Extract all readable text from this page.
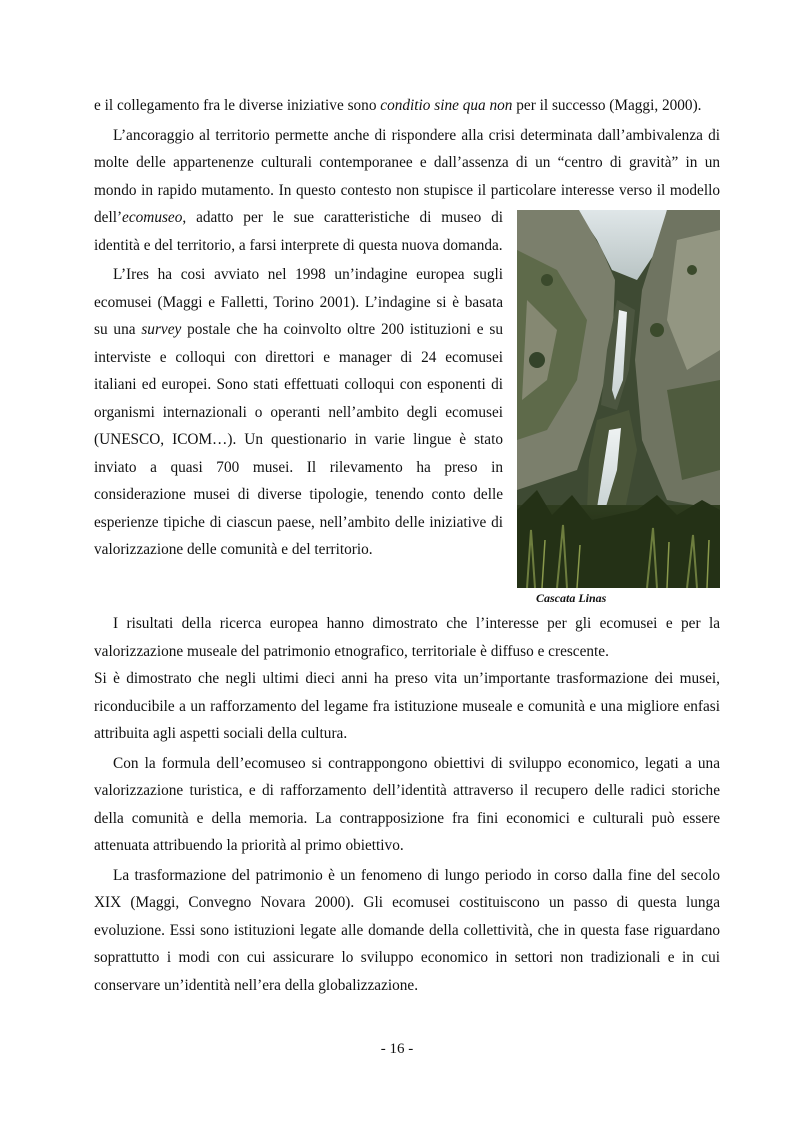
e il collegamento fra le diverse iniziative sono conditio sine qua non per il successo (Maggi, 2000).

L’ancoraggio al territorio permette anche di rispondere alla crisi determinata dall’ambivalenza di molte delle appartenenze culturali contemporanee e dall’assenza di un “centro di gravità” in un mondo in rapido mutamento. In questo contesto non stupisce il particolare interesse verso il modello dell’
Cascata Linas
ecomuseo, adatto per le sue caratteristiche di museo di identità e del territorio, a farsi interprete di questa nuova domanda.

L’Ires ha cosi avviato nel 1998 un’indagine europea sugli ecomusei (Maggi e Falletti, Torino 2001). L’indagine si è basata su una survey postale che ha coinvolto oltre 200 istituzioni e su interviste e colloqui con direttori e manager di 24 ecomusei italiani ed europei. Sono stati effettuati colloqui con esponenti di organismi internazionali o operanti nell’ambito degli ecomusei (UNESCO, ICOM…). Un questionario in varie lingue è stato inviato a quasi 700 musei. Il rilevamento ha preso in considerazione musei di diverse tipologie, tenendo conto delle esperienze tipiche di ciascun paese, nell’ambito delle iniziative di valorizzazione delle comunità e del territorio.

I risultati della ricerca europea hanno dimostrato che l’interesse per gli ecomusei e per la valorizzazione museale del patrimonio etnografico, territoriale è diffuso e crescente.

Si è dimostrato che negli ultimi dieci anni ha preso vita un’importante trasformazione dei musei, riconducibile a un rafforzamento del legame fra istituzione museale e comunità e una migliore enfasi attribuita agli aspetti sociali della cultura.

Con la formula dell’ecomuseo si contrappongono obiettivi di sviluppo economico, legati a una valorizzazione turistica, e di rafforzamento dell’identità attraverso il recupero delle radici storiche della comunità e della memoria. La contrapposizione fra fini economici e culturali può essere attenuata attribuendo la priorità al primo obiettivo.

La trasformazione del patrimonio è un fenomeno di lungo periodo in corso dalla fine del secolo XIX (Maggi, Convegno Novara 2000). Gli ecomusei costituiscono un passo di questa lunga evoluzione. Essi sono istituzioni legate alle domande della collettività, che in questa fase riguardano soprattutto i modi con cui assicurare lo sviluppo economico in settori non tradizionali e in cui conservare un’identità nell’era della globalizzazione.

- 16 -
